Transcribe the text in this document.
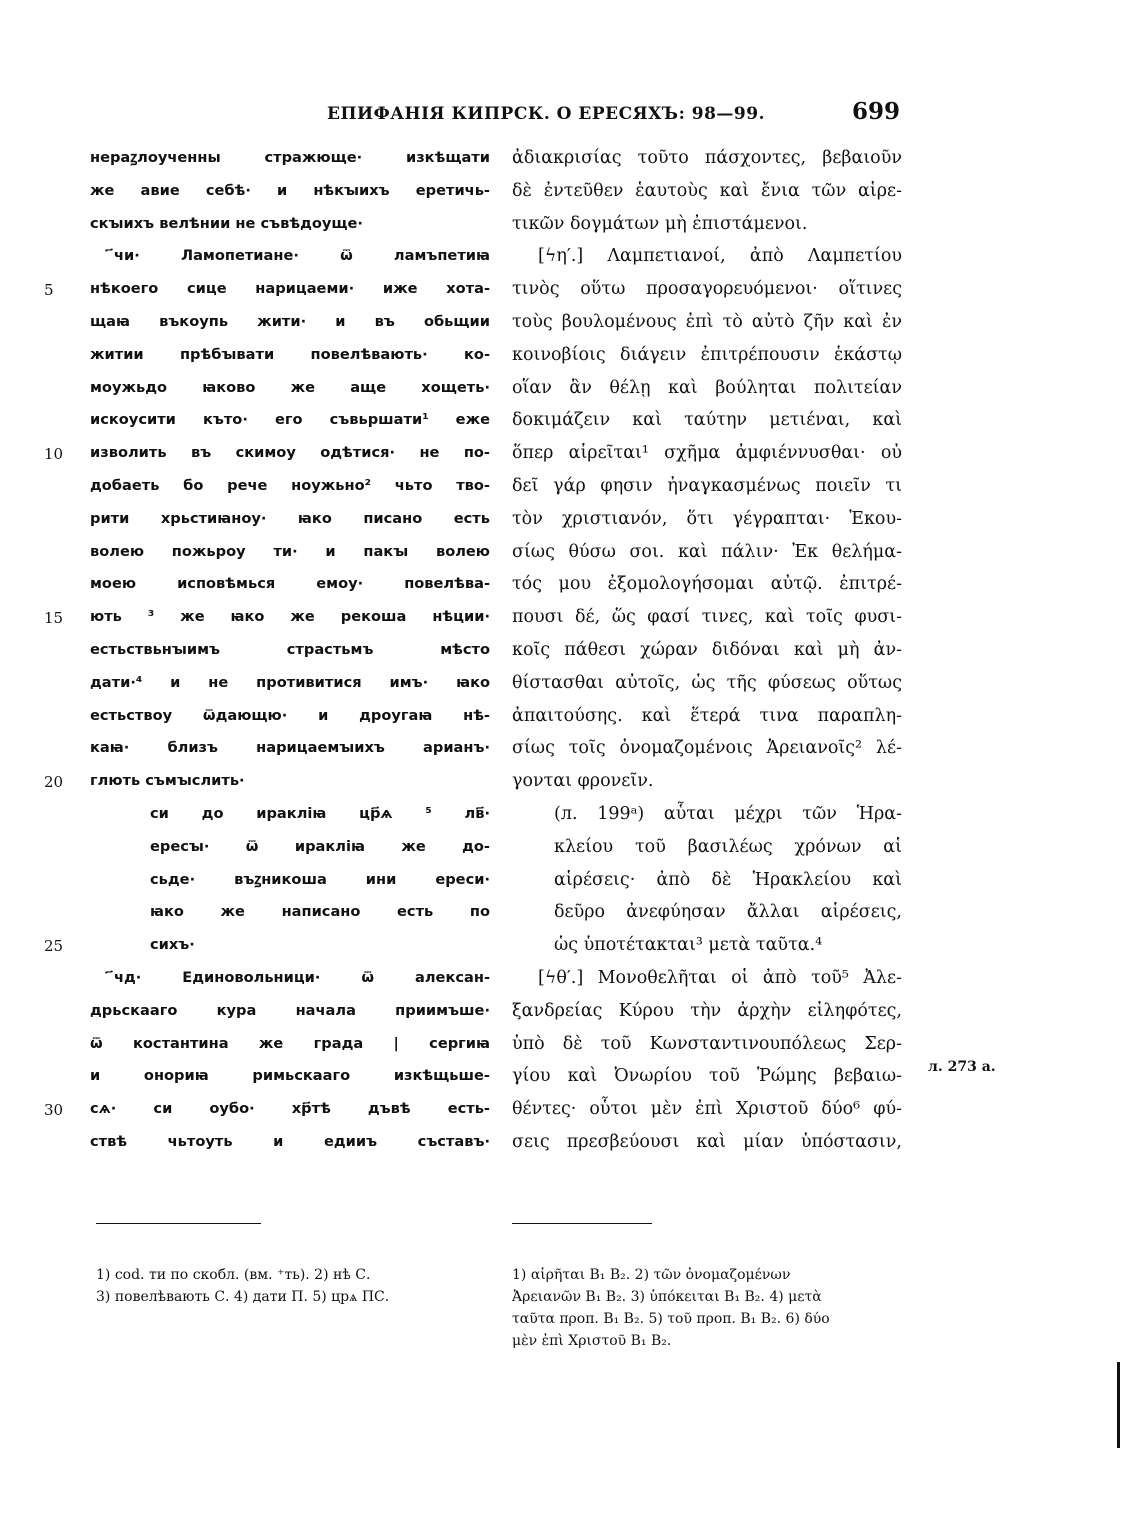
ЕПИФАНІЯ КИПРСК. О ЕРЕСЯХЪ: 98—99.	699
нераꙁлоученны стражюще· изкѣщати
же авие себѣ· и нѣкꙑихъ еретичь-
скꙑихъ велѣнии не съвѣдоуще·
҃чи· Ламопетиане· ѿ ламъпетиꙗ
нѣкоего сице нарицаеми· иже хота-
щаꙗ въкоупь жити· и въ обьщии
житии прѣбꙑвати повелѣвають· ко-
моужьдо ꙗково же аще хощеть·
искоусити къто· его съвьршати¹ еже
изволить въ скимоу одѣтися· не по-
добаеть бо рече ноужьно² чьто тво-
рити хрьстиꙗноу· ꙗко писано есть
волею пожьроу ти· и пакꙑ волею
моею исповѣмься емоу· повелѣва-
ють ³ же ꙗко же рекоша нѣции·
естьствьнꙑимъ страстьмъ мѣсто
дати·⁴ и не противитися имъ· ꙗко
естьствоу ѿдающю· и дроугаꙗ нѣ-
каꙗ· близъ нарицаемꙑихъ арианъ·
глють съмꙑслить·
си до иракліꙗ цр҃ѧ ⁵ лв҃·
ересꙑ· ѿ иракліꙗ же до-
сьде· въꙁникоша ини ереси·
ꙗко же написано есть по
сихъ·
҃чд· Единовольници· ѿ алексан-
дрьскааго кура начала приимъше·
ѿ костантина же града | сергиꙗ
и онориꙗ римьскааго изкѣщьше-
сѧ· си оубо· хр҃тѣ дъвѣ есть-
ствѣ чьтоуть и едииъ съставъ·
5
10
15
20
25
30
ἀδιακρισίας τοῦτο πάσχοντες, βεβαιοῦν
δὲ ἐντεῦθεν ἑαυτοὺς καὶ ἔνια τῶν αἱρε-
τικῶν δογμάτων μὴ ἐπιστάμενοι.
[ϟη′.] Λαμπετιανοί, ἀπὸ Λαμπετίου
τινὸς οὕτω προσαγορευόμενοι· οἵτινες
τοὺς βουλομένους ἐπὶ τὸ αὐτὸ ζῆν καὶ ἐν
κοινοβίοις διάγειν ἐπιτρέπουσιν ἑκάστῳ
οἵαν ἂν θέλῃ καὶ βούληται πολιτείαν
δοκιμάζειν καὶ ταύτην μετιέναι, καὶ
ὅπερ αἱρεῖται¹ σχῆμα ἀμφιέννυσθαι· οὐ
δεῖ γάρ φησιν ἠναγκασμένως ποιεῖν τι
τὸν χριστιανόν, ὅτι γέγραπται· Ἑκου-
σίως θύσω σοι. καὶ πάλιν· Ἐκ θελήμα-
τός μου ἐξομολογήσομαι αὐτῷ. ἐπιτρέ-
πουσι δέ, ὥς φασί τινες, καὶ τοῖς φυσι-
κοῖς πάθεσι χώραν διδόναι καὶ μὴ ἀν-
θίστασθαι αὐτοῖς, ὡς τῆς φύσεως οὕτως
ἀπαιτούσης. καὶ ἕτερά τινα παραπλη-
σίως τοῖς ὀνομαζομένοις Ἀρειανοῖς² λέ-
γονται φρονεῖν.
(л. 199ᵃ) αὗται μέχρι τῶν Ἡρα-
κλείου τοῦ βασιλέως χρόνων αἱ
αἱρέσεις· ἀπὸ δὲ Ἡρακλείου καὶ
δεῦρο ἀνεφύησαν ἄλλαι αἱρέσεις,
ὡς ὑποτέτακται³ μετὰ ταῦτα.⁴
[ϟθ′.] Μονοθελῆται οἱ ἀπὸ τοῦ⁵ Ἀλε-
ξανδρείας Κύρου τὴν ἀρχὴν εἰληφότες,
ὑπὸ δὲ τοῦ Κωνσταντινουπόλεως Σερ-
γίου καὶ Ὀνωρίου τοῦ Ῥώμης βεβαιω-
θέντες· οὗτοι μὲν ἐπὶ Χριστοῦ δύο⁶ φύ-
σεις πρεσβεύουσι καὶ μίαν ὑπόστασιν,
л. 273 a.
1) cod. ти по скобл. (вм. ⁺ть). 2) нѣ С.
3) повелѣвають С. 4) дати П. 5) црѧ ПС.
1) αἱρῆται B₁ B₂. 2) τῶν ὀνομαζομένων
Ἀρειανῶν B₁ B₂. 3) ὑπόκειται B₁ B₂. 4) μετὰ
ταῦτα προπ. B₁ B₂. 5) τοῦ προπ. B₁ B₂. 6) δύο
μὲν ἐπὶ Χριστοῦ B₁ B₂.
